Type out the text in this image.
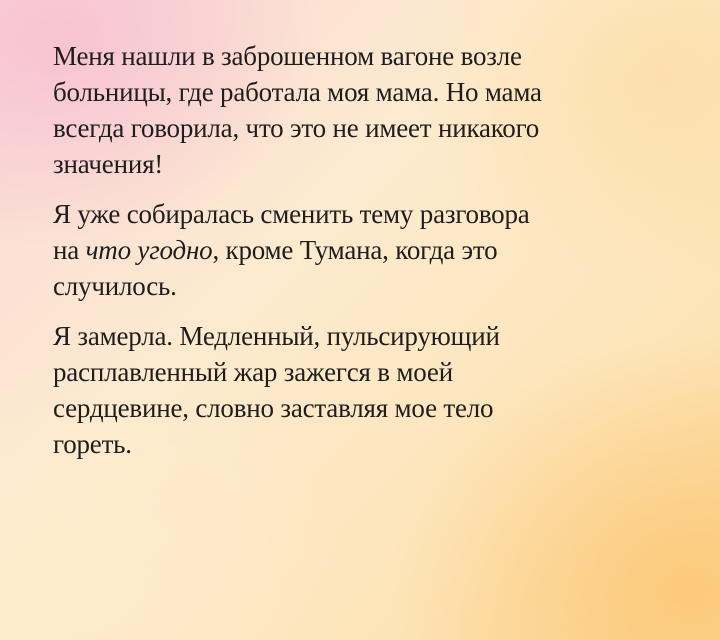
Меня нашли в заброшенном вагоне возле
больницы, где работала моя мама. Но мама
всегда говорила, что это не имеет никакого
значения!

Я уже собиралась сменить тему разговора
на что угодно, кроме Тумана, когда это
случилось.

Я замерла. Медленный, пульсирующий
расплавленный жар зажегся в моей
сердцевине, словно заставляя мое тело
гореть.
